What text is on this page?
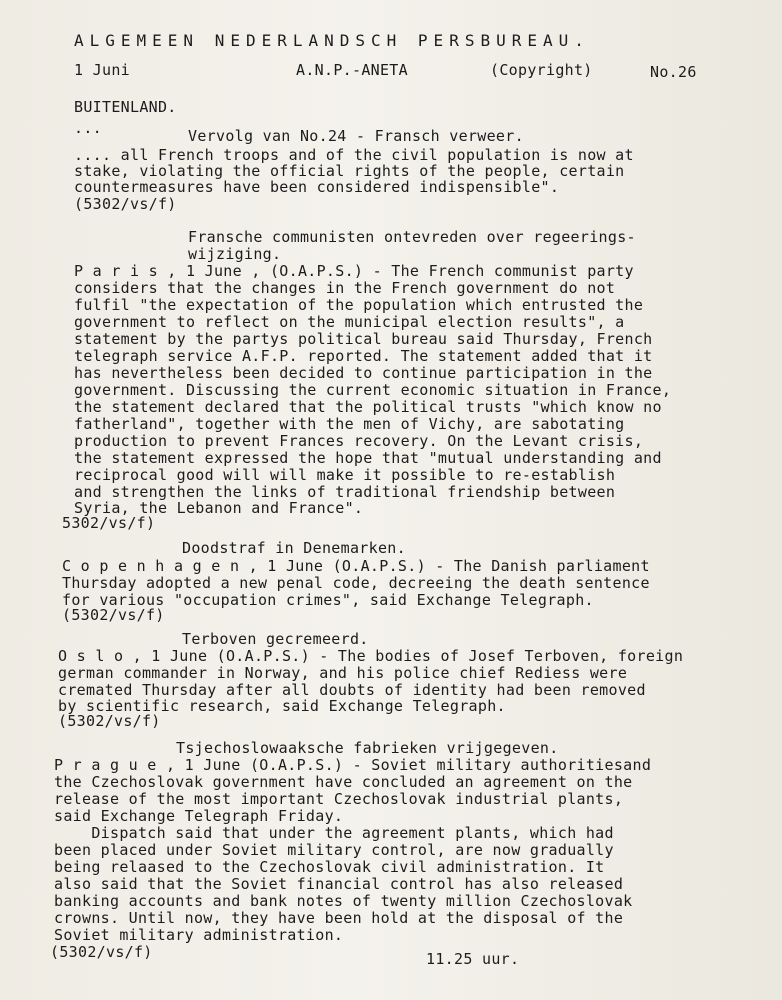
ALGEMEEN NEDERLANDSCH PERSBUREAU.
1 Juni	A.N.P.-ANETA	(Copyright)	No.26
BUITENLAND.
...	Vervolg van No.24 - Fransch verweer.
.... all French troops and of the civil population is now at
stake, violating the official rights of the people, certain
countermeasures have been considered indispensible".
(5302/vs/f)
Fransche communisten ontevreden over regeerings-
wijziging.
P a r i s , 1 June , (O.A.P.S.) - The French communist party
considers that the changes in the French government do not
fulfil "the expectation of the population which entrusted the
government to reflect on the municipal election results", a
statement by the partys political bureau said Thursday, French
telegraph service A.F.P. reported. The statement added that it
has nevertheless been decided to continue participation in the
government. Discussing the current economic situation in France,
the statement declared that the political trusts "which know no
fatherland", together with the men of Vichy, are sabotating
production to prevent Frances recovery. On the Levant crisis,
the statement expressed the hope that "mutual understanding and
reciprocal good will will make it possible to re-establish
and strengthen the links of traditional friendship between
Syria, the Lebanon and France".
5302/vs/f)
Doodstraf in Denemarken.
C o p e n h a g e n , 1 June (O.A.P.S.) - The Danish parliament
Thursday adopted a new penal code, decreeing the death sentence
for various "occupation crimes", said Exchange Telegraph.
(5302/vs/f)
Terboven gecremeerd.
O s l o , 1 June (O.A.P.S.) - The bodies of Josef Terboven, foreign
german commander in Norway, and his police chief Rediess were
cremated Thursday after all doubts of identity had been removed
by scientific research, said Exchange Telegraph.
(5302/vs/f)
Tsjechoslowaaksche fabrieken vrijgegeven.
P r a g u e , 1 June (O.A.P.S.) - Soviet military authoritiesand
the Czechoslovak government have concluded an agreement on the
release of the most important Czechoslovak industrial plants,
said Exchange Telegraph Friday.
Dispatch said that under the agreement plants, which had
been placed under Soviet military control, are now gradually
being relaased to the Czechoslovak civil administration. It
also said that the Soviet financial control has also released
banking accounts and bank notes of twenty million Czechoslovak
crowns. Until now, they have been hold at the disposal of the
Soviet military administration.
(5302/vs/f)	11.25 uur.
